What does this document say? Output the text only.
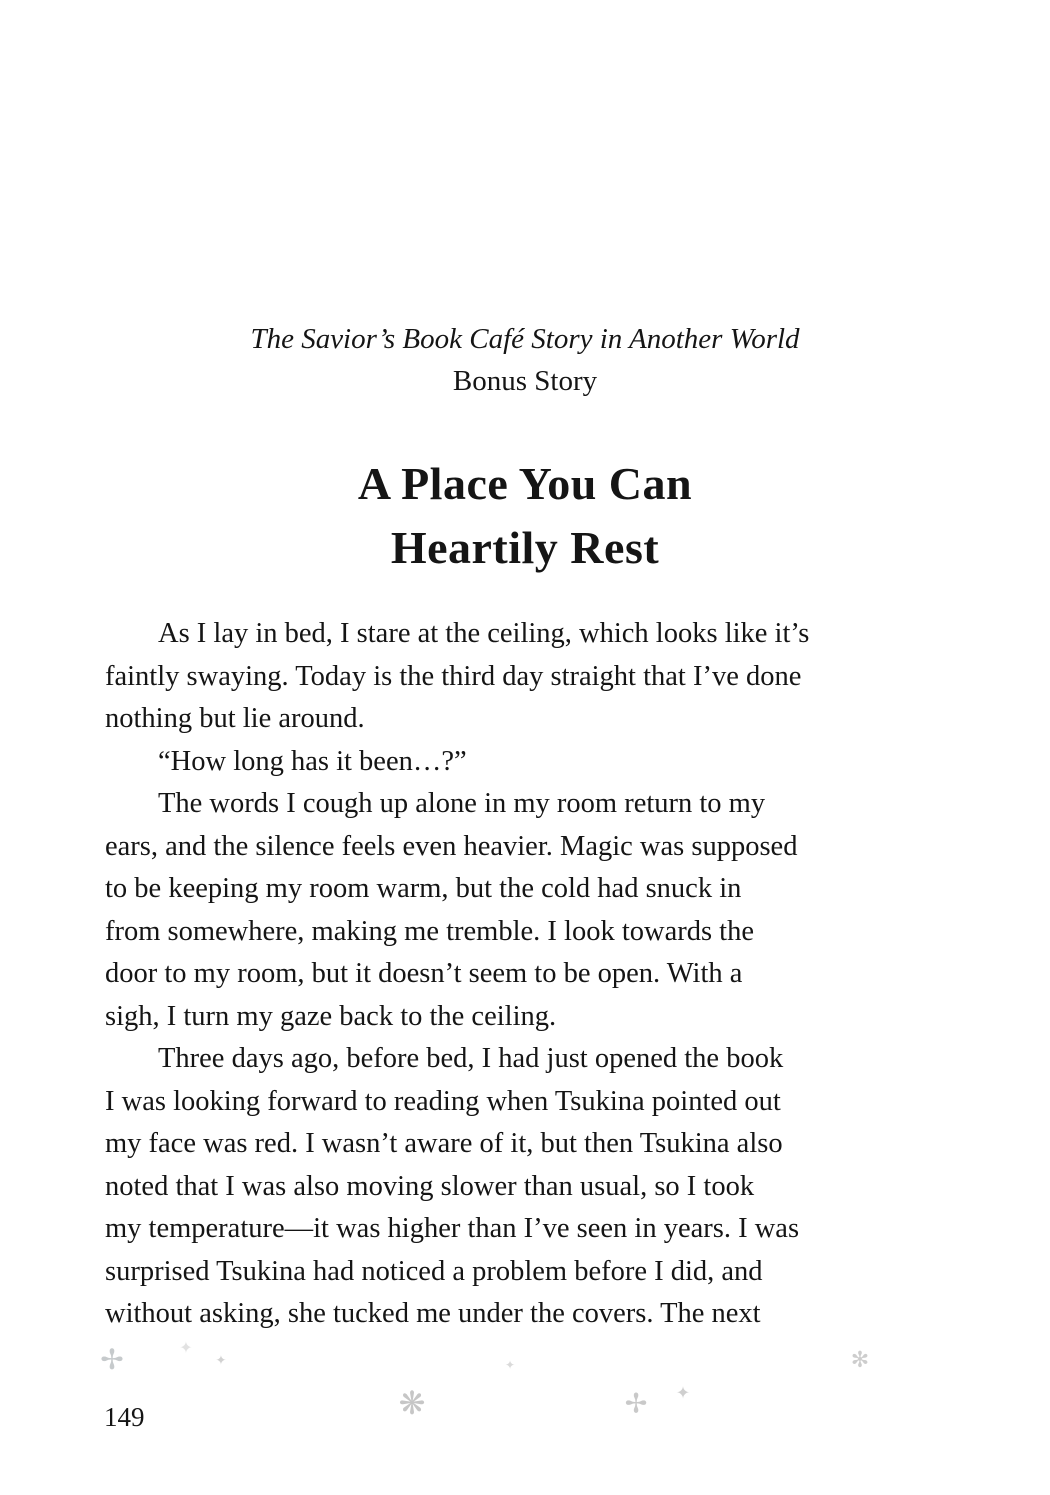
The Savior’s Book Café Story in Another World
Bonus Story
A Place You Can
Heartily Rest

As I lay in bed, I stare at the ceiling, which looks like it’s

faintly swaying. Today is the third day straight that I’ve done

nothing but lie around.

“How long has it been…?”

The words I cough up alone in my room return to my

ears, and the silence feels even heavier. Magic was supposed

to be keeping my room warm, but the cold had snuck in

from somewhere, making me tremble. I look towards the

door to my room, but it doesn’t seem to be open. With a

sigh, I turn my gaze back to the ceiling.

Three days ago, before bed, I had just opened the book

I was looking forward to reading when Tsukina pointed out

my face was red. I wasn’t aware of it, but then Tsukina also

noted that I was also moving slower than usual, so I took

my temperature—it was higher than I’ve seen in years. I was

surprised Tsukina had noticed a problem before I did, and

without asking, she tucked me under the covers. The next

✢	✦
✦	✦	✻
❋	✢ ✦
149
